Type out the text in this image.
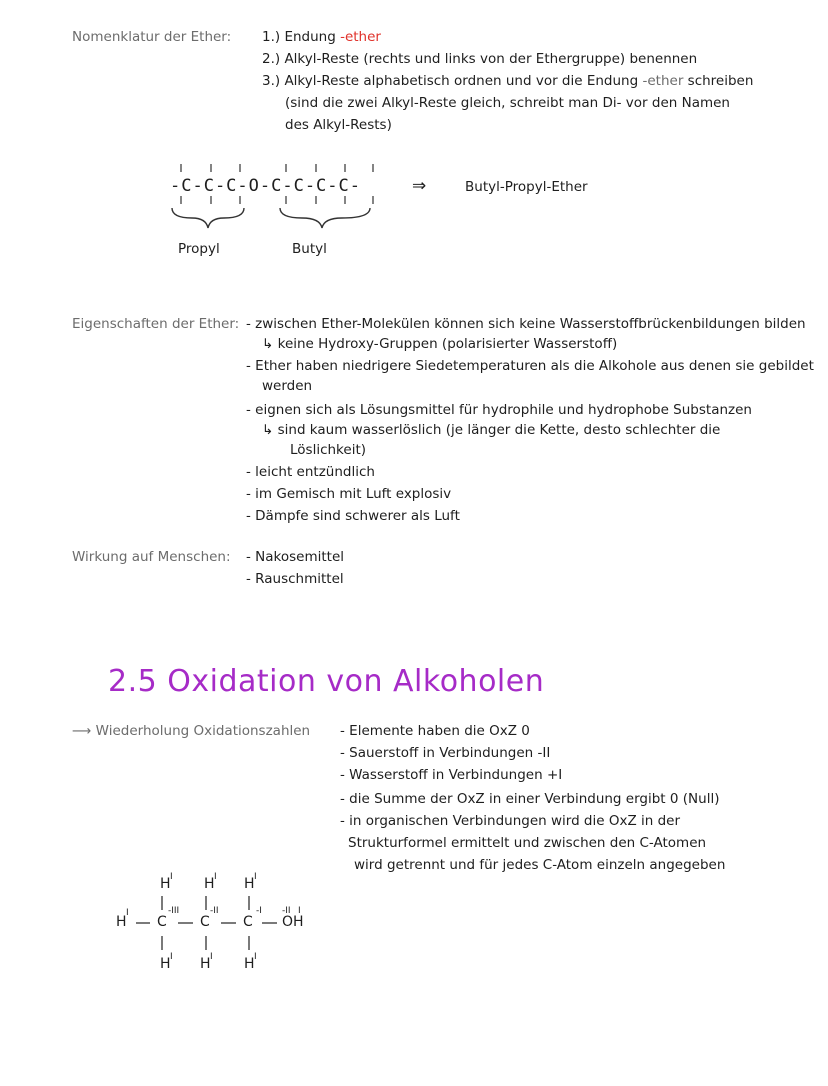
Nomenklatur der Ether: 1.) Endung -ether
2.) Alkyl-Reste (rechts und links von der Ethergruppe) benennen
3.) Alkyl-Reste alphabetisch ordnen und vor die Endung -ether schreiben
(sind die zwei Alkyl-Reste gleich, schreibt man Di- vor den Namen
des Alkyl-Rests)
-C-C-C-O-C-C-C-C-	⇒	Butyl-Propyl-Ether
Propyl	Butyl
Eigenschaften der Ether: - zwischen Ether-Molekülen können sich keine Wasserstoffbrückenbildungen bilden
↳ keine Hydroxy-Gruppen (polarisierter Wasserstoff)
- Ether haben niedrigere Siedetemperaturen als die Alkohole aus denen sie gebildet
werden
- eignen sich als Lösungsmittel für hydrophile und hydrophobe Substanzen
↳ sind kaum wasserlöslich (je länger die Kette, desto schlechter die
Löslichkeit)
- leicht entzündlich
- im Gemisch mit Luft explosiv
- Dämpfe sind schwerer als Luft
Wirkung auf Menschen: - Nakosemittel
- Rauschmittel
2.5 Oxidation von Alkoholen
⟶ Wiederholung Oxidationszahlen - Elemente haben die OxZ 0
- Sauerstoff in Verbindungen -II
- Wasserstoff in Verbindungen +I
- die Summe der OxZ in einer Verbindung ergibt 0 (Null)
- in organischen Verbindungen wird die OxZ in der
Strukturformel ermittelt und zwischen den C-Atomen
wird getrennt und für jedes C-Atom einzeln angegeben
H I H I H I
H
I
C
-III
C
-II
C
-I
OH
-II I
H I H I H I
